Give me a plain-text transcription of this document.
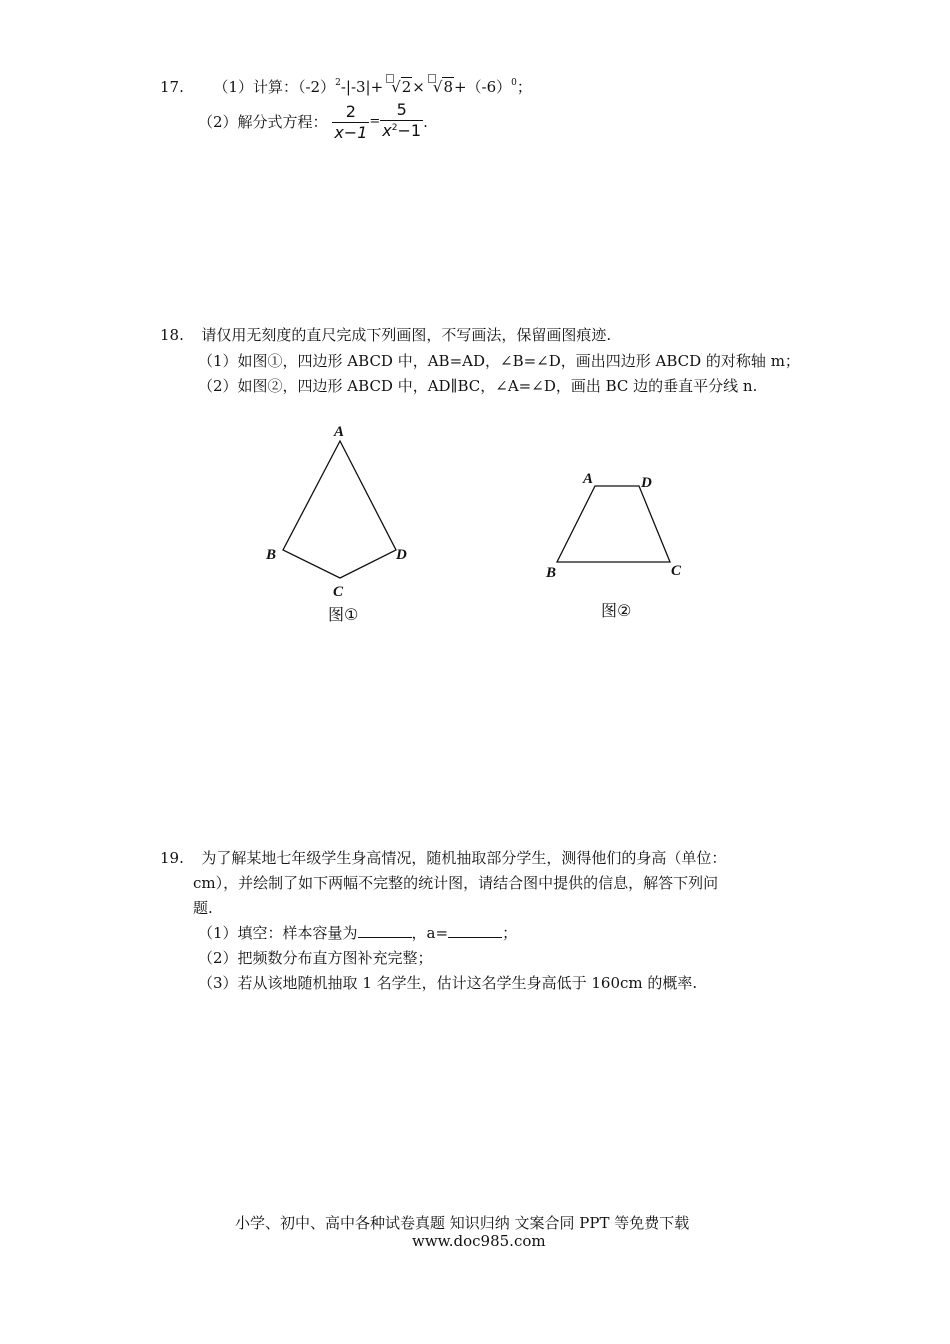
17. （1）计算：$(-2)^2-|-3|+ √2\times √8+(-6)^0$；
（2）解分式方程： $\frac{2}{x-1} = \frac{5}{x^2-1}$ .
18. 请仅用无刻度的直尺完成下列画图，不写画法，保留画图痕迹.
（1）如图①，四边形 ABCD 中，AB=AD，∠B=∠D，画出四边形 ABCD 的对称轴 m；
（2）如图②，四边形 ABCD 中，AD∥BC，∠A=∠D，画出 BC 边的垂直平分线 n.
A
B
C
D
图①
A	D
B	C
图②
19. 为了解某地七年级学生身高情况，随机抽取部分学生，测得他们的身高（单位：
cm），并绘制了如下两幅不完整的统计图，请结合图中提供的信息，解答下列问
题.
（1）填空：样本容量为	，a=	；
（2）把频数分布直方图补充完整；
（3）若从该地随机抽取 1 名学生，估计这名学生身高低于 160cm 的概率.
小学、初中、高中各种试卷真题 知识归纳 文案合同 PPT 等免费下载
www.doc985.com
